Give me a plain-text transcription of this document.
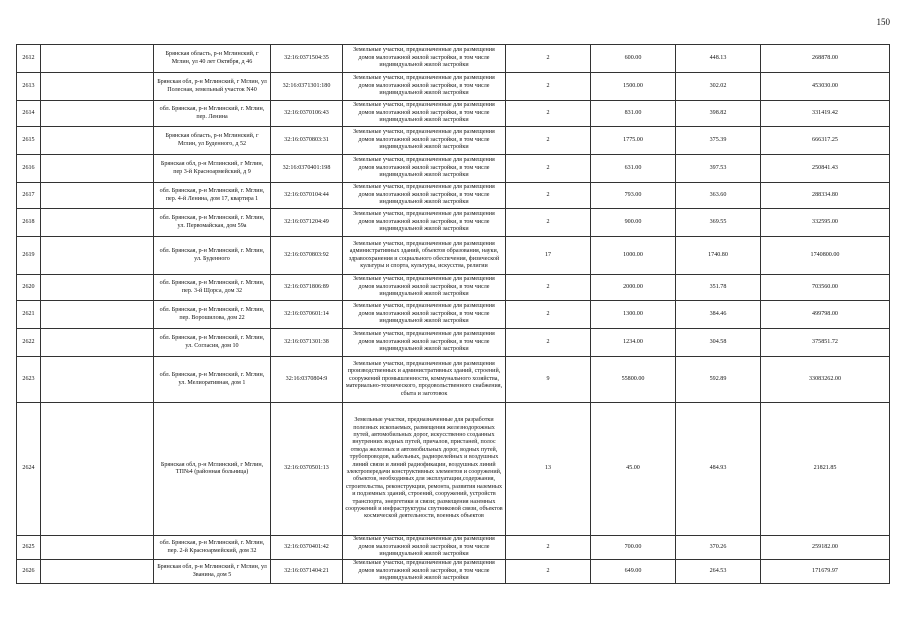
150
2612		Брянская область, р-н Мглинский, г Мглин, ул 40 лет Октября, д 46	32:16:0371504:35	Земельные участки, предназначенные для размещения домов малоэтажной жилой застройки, в том числе индивидуальной жилой застройки	2	600.00	448.13	268878.00
2613		Брянская обл, р-н Мглинский, г Мглин, ул Полесная, земельный участок N40	32:16:0371301:180	Земельные участки, предназначенные для размещения домов малоэтажной жилой застройки, в том числе индивидуальной жилой застройки	2	1500.00	302.02	453030.00
2614		обл. Брянская, р-н Мглинский, г. Мглин, пер. Ленина	32:16:0370106:43	Земельные участки, предназначенные для размещения домов малоэтажной жилой застройки, в том числе индивидуальной жилой застройки	2	831.00	398.82	331419.42
2615		Брянская область, р-н Мглинский, г Мглин, ул Буденного, д 52	32:16:0370803:31	Земельные участки, предназначенные для размещения домов малоэтажной жилой застройки, в том числе индивидуальной жилой застройки	2	1775.00	375.39	666317.25
2616		Брянская обл, р-н Мглинский, г Мглин, пер 3-й Красноармейский, д 9	32:16:0370401:198	Земельные участки, предназначенные для размещения домов малоэтажной жилой застройки, в том числе индивидуальной жилой застройки	2	631.00	397.53	250841.43
2617		обл. Брянская, р-н Мглинский, г. Мглин, пер. 4-й Ленина, дом 17, квартира 1	32:16:0370104:44	Земельные участки, предназначенные для размещения домов малоэтажной жилой застройки, в том числе индивидуальной жилой застройки	2	793.00	363.60	288334.80
2618		обл. Брянская, р-н Мглинский, г. Мглин, ул. Первомайская, дом 59а	32:16:0371204:49	Земельные участки, предназначенные для размещения домов малоэтажной жилой застройки, в том числе индивидуальной жилой застройки	2	900.00	369.55	332595.00
2619		обл. Брянская, р-н Мглинский, г. Мглин, ул. Буденного	32:16:0370803:92	Земельные участки, предназначенные для размещения административных зданий, объектов образования, науки, здравоохранения и социального обеспечения, физической культуры и спорта, культуры, искусства, религии	17	1000.00	1740.80	1740800.00
2620		обл. Брянская, р-н Мглинский, г. Мглин, пер. 3-й Щорса, дом 32	32:16:0371806:89	Земельные участки, предназначенные для размещения домов малоэтажной жилой застройки, в том числе индивидуальной жилой застройки	2	2000.00	351.78	703560.00
2621		обл. Брянская, р-н Мглинский, г. Мглин, пер. Ворошилова, дом 22	32:16:0370601:14	Земельные участки, предназначенные для размещения домов малоэтажной жилой застройки, в том числе индивидуальной жилой застройки	2	1300.00	384.46	499798.00
2622		обл. Брянская, р-н Мглинский, г. Мглин, ул. Согласия, дом 10	32:16:0371301:38	Земельные участки, предназначенные для размещения домов малоэтажной жилой застройки, в том числе индивидуальной жилой застройки	2	1234.00	304.58	375851.72
2623		обл. Брянская, р-н Мглинский, г. Мглин, ул. Мелиоративная, дом 1	32:16:0370804:9	Земельные участки, предназначенные для размещения производственных и административных зданий, строений, сооружений промышленности, коммунального хозяйства, материально-технического, продовольственного снабжения, сбыта и заготовок	9	55800.00	592.89	33083262.00
2624		Брянская обл, р-н Мглинский, г Мглин, ТП№4 (районная больница)	32:16:0370501:13	Земельные участки, предназначенные для разработки полезных ископаемых, размещения железнодорожных путей, автомобильных дорог, искусственно созданных внутренних водных путей, причалов, пристаней, полос отвода железных и автомобильных дорог, водных путей, трубопроводов, кабельных, радиорелейных и воздушных линий связи и линий радиофикации, воздушных линий электропередачи конструктивных элементов и сооружений, объектов, необходимых для эксплуатации,содержания, строительства, реконструкции, ремонта, развития наземных и подземных зданий, строений, сооружений, устройств транспорта, энергетики и связи; размещения наземных сооружений и инфраструктуры спутниковой связи, объектов космической деятельности, военных объектов	13	45.00	484.93	21821.85
2625		обл. Брянская, р-н Мглинский, г. Мглин, пер. 2-й Красноармейский, дом 32	32:16:0370401:42	Земельные участки, предназначенные для размещения домов малоэтажной жилой застройки, в том числе индивидуальной жилой застройки	2	700.00	370.26	259182.00
2626		Брянская обл, р-н Мглинский, г Мглин, ул Званина, дом 5	32:16:0371404:21	Земельные участки, предназначенные для размещения домов малоэтажной жилой застройки, в том числе индивидуальной жилой застройки	2	649.00	264.53	171679.97
